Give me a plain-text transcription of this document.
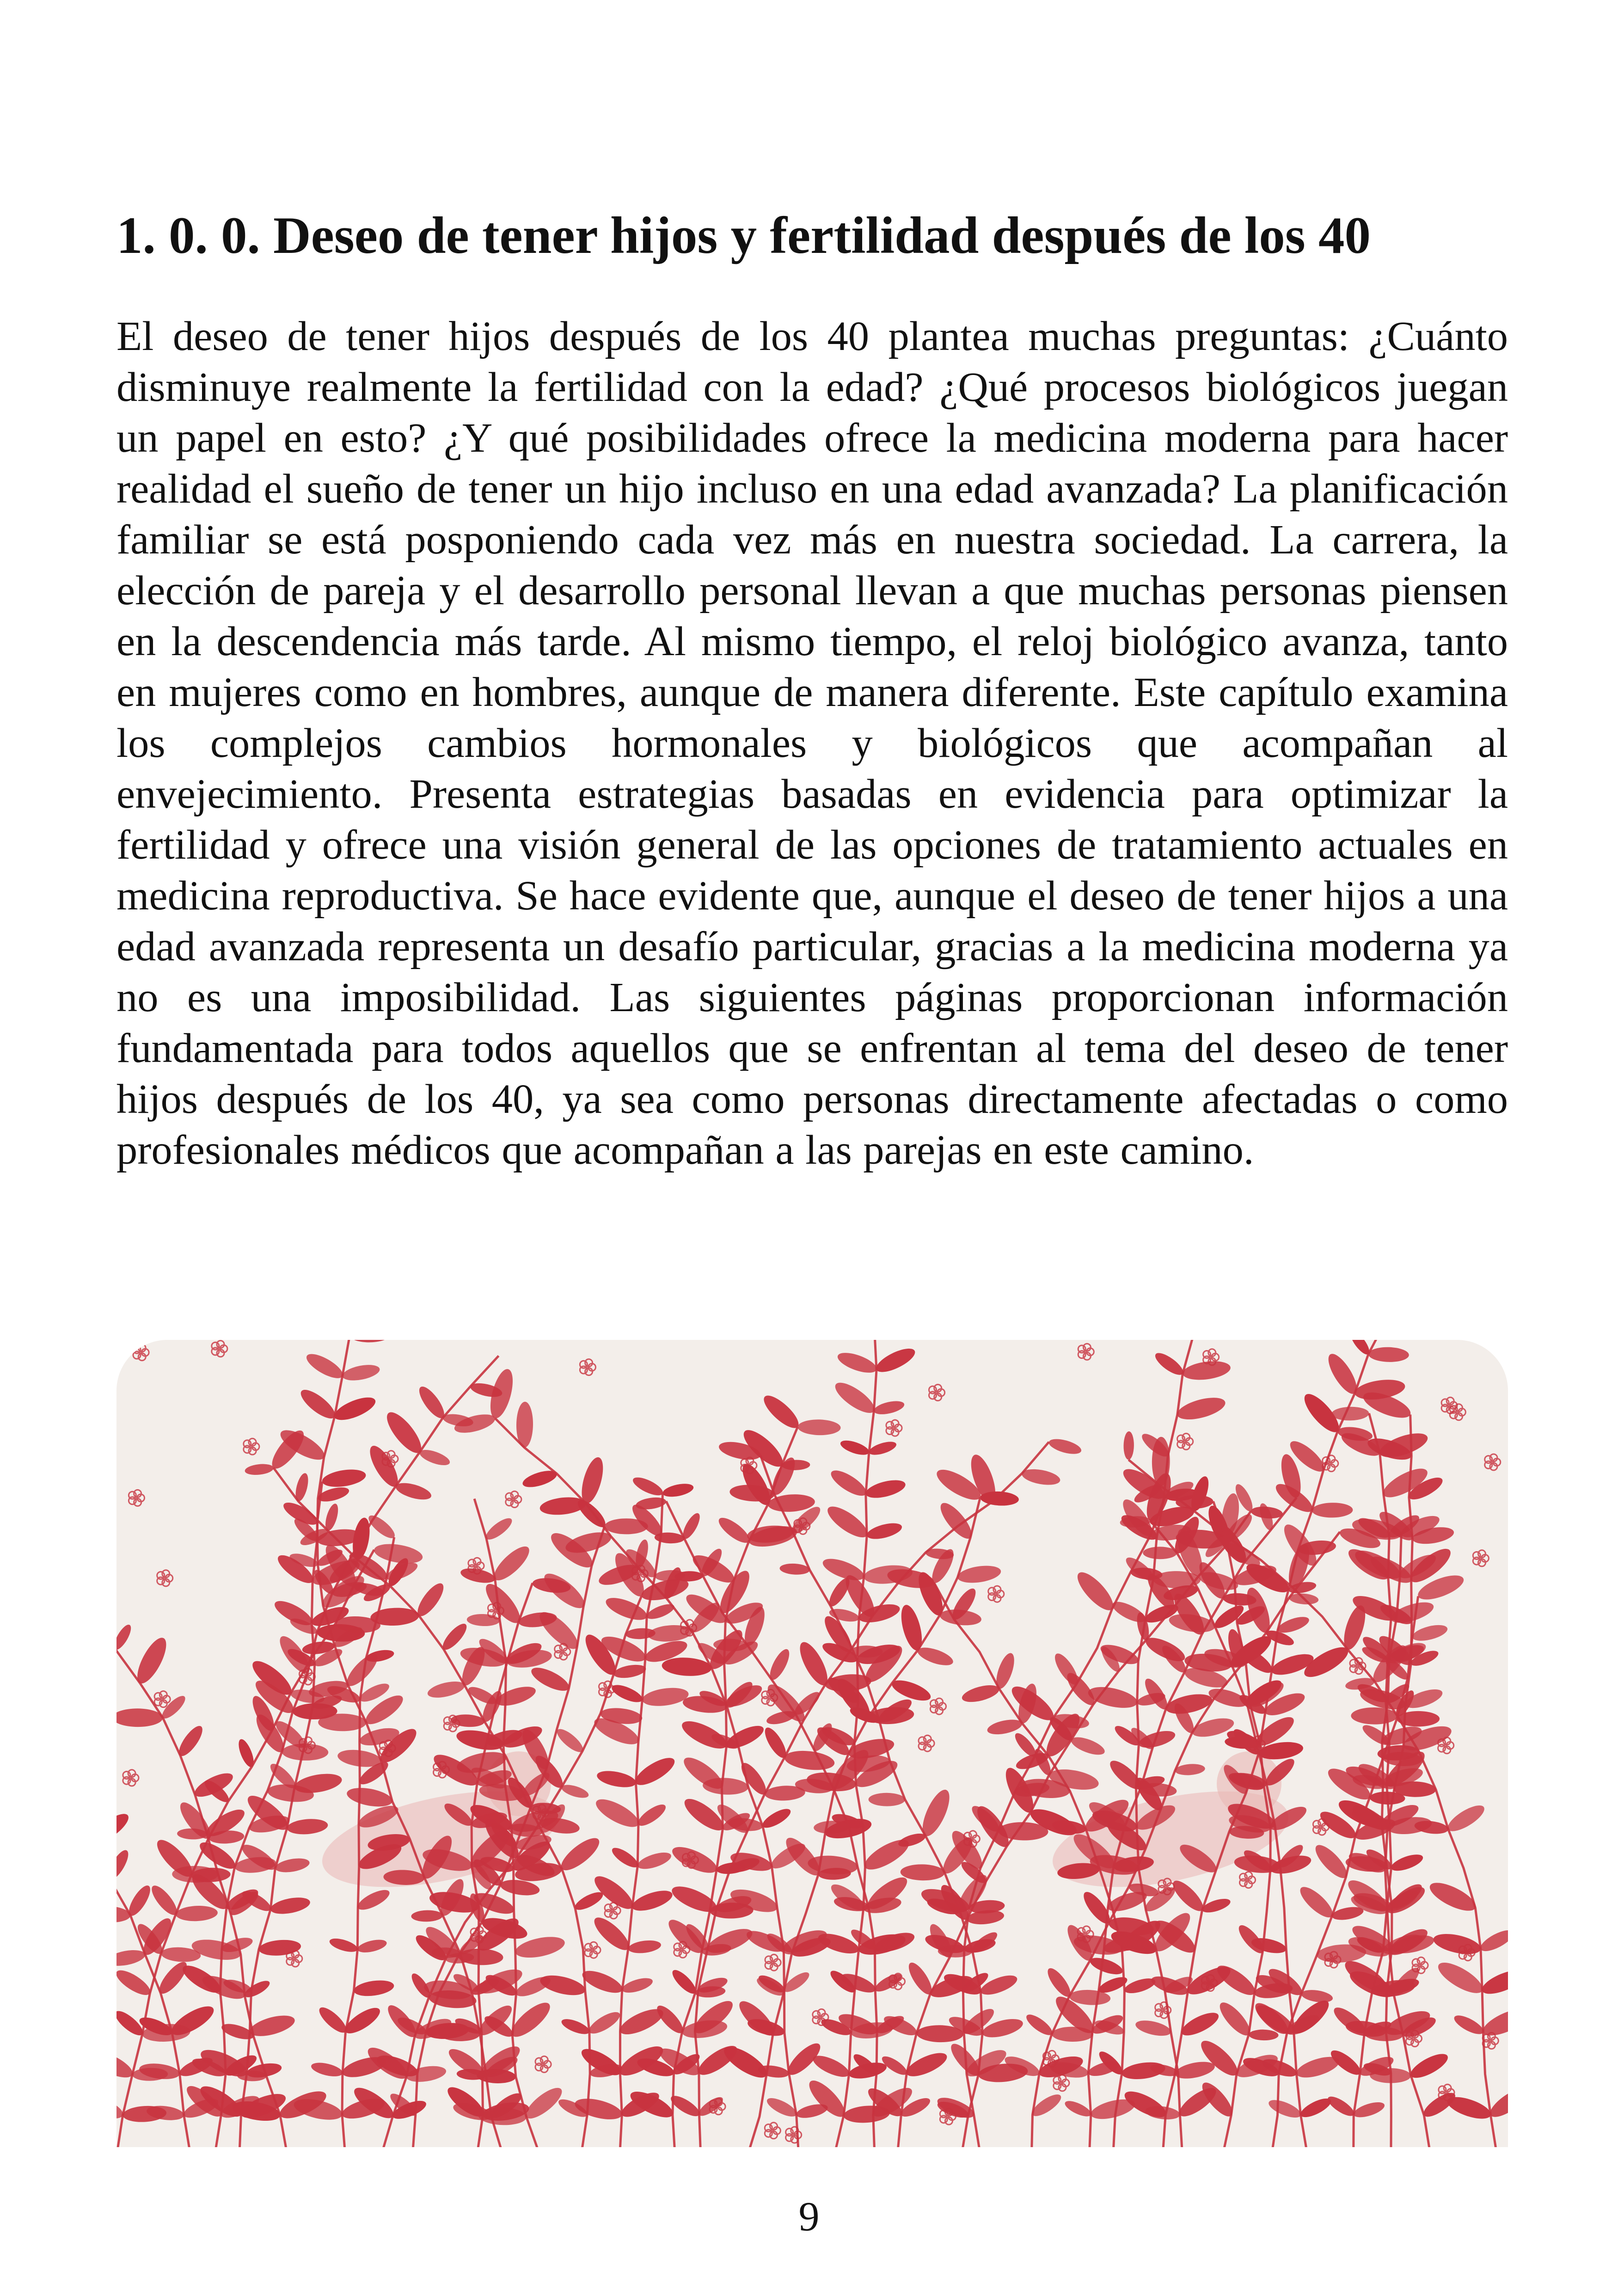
1. 0. 0. Deseo de tener hijos y fertilidad después de los 40

El deseo de tener hijos después de los 40 plantea muchas preguntas: ¿Cuánto disminuye realmente la fertilidad con la edad? ¿Qué procesos biológicos juegan un papel en esto? ¿Y qué posibilidades ofrece la medicina moderna para hacer realidad el sueño de tener un hijo incluso en una edad avanzada? La planificación familiar se está posponiendo cada vez más en nuestra sociedad. La carrera, la elección de pareja y el desarrollo personal llevan a que muchas personas piensen en la descendencia más tarde. Al mismo tiempo, el reloj biológico avanza, tanto en mujeres como en hombres, aunque de manera diferente. Este capítulo examina los complejos cambios hormonales y biológicos que acompañan al envejecimiento. Presenta estrategias basadas en evidencia para optimizar la fertilidad y ofrece una visión general de las opciones de tratamiento actuales en medicina reproductiva. Se hace evidente que, aunque el deseo de tener hijos a una edad avanzada representa un desafío particular, gracias a la medicina moderna ya no es una imposibilidad. Las siguientes páginas proporcionan información fundamentada para todos aquellos que se enfrentan al tema del deseo de tener hijos después de los 40, ya sea como personas directamente afectadas o como profesionales médicos que acompañan a las parejas en este camino.

9
